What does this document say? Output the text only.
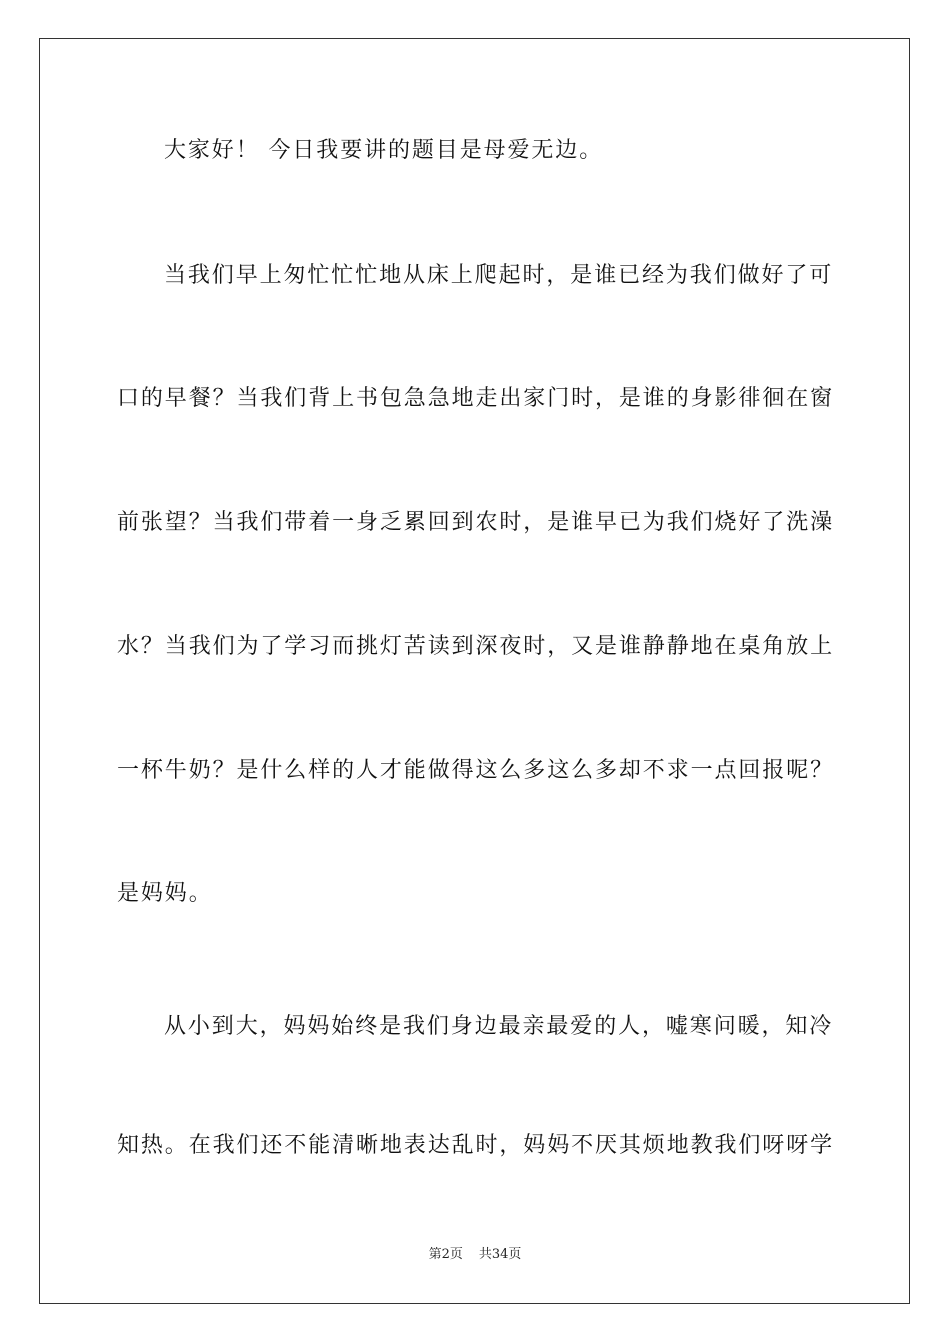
大家好！ 今日我要讲的题目是母爱无边。
当我们早上匆忙忙忙地从床上爬起时，是谁已经为我们做好了可
口的早餐？当我们背上书包急急地走出家门时，是谁的身影徘徊在窗
前张望？当我们带着一身乏累回到农时，是谁早已为我们烧好了洗澡
水？当我们为了学习而挑灯苦读到深夜时，又是谁静静地在桌角放上
一杯牛奶？是什么样的人才能做得这么多这么多却不求一点回报呢？
是妈妈。
从小到大，妈妈始终是我们身边最亲最爱的人，嘘寒问暖，知冷
知热。在我们还不能清晰地表达乱时，妈妈不厌其烦地教我们呀呀学
第2页 共34页
